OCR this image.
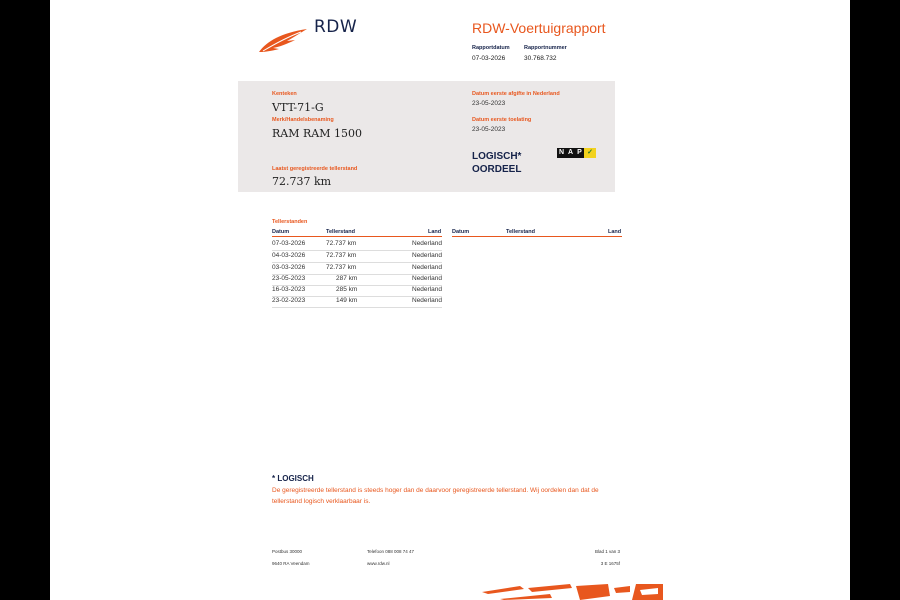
RDW	RDW-Voertuigrapport
Rapportdatum
07-03-2026
Rapportnummer
30.768.732
Kenteken
VTT-71-G
Merk/Handelsbenaming
RAM RAM 1500
Laatst geregistreerde tellerstand
72.737 km
Datum eerste afgifte in Nederland
23-05-2023
Datum eerste toelating
23-05-2023
LOGISCH*
OORDEEL
N A P ✓
Tellerstanden
Datum	Tellerstand	Land Datum	Tellerstand	Land
07-03-2026	72.737 km	Nederland
04-03-2026	72.737 km	Nederland
03-03-2026	72.737 km	Nederland
23-05-2023	287 km	Nederland
16-03-2023	285 km	Nederland
23-02-2023	149 km	Nederland
* LOGISCH
De geregistreerde tellerstand is steeds hoger dan de daarvoor geregistreerde tellerstand. Wij oordelen dan dat de tellerstand logisch verklaarbaar is.
Postbus 30000
9640 RA Veendam
Telefoon 088 008 74 47
www.rdw.nl
Blad 1 van 3
3 E 1675f
